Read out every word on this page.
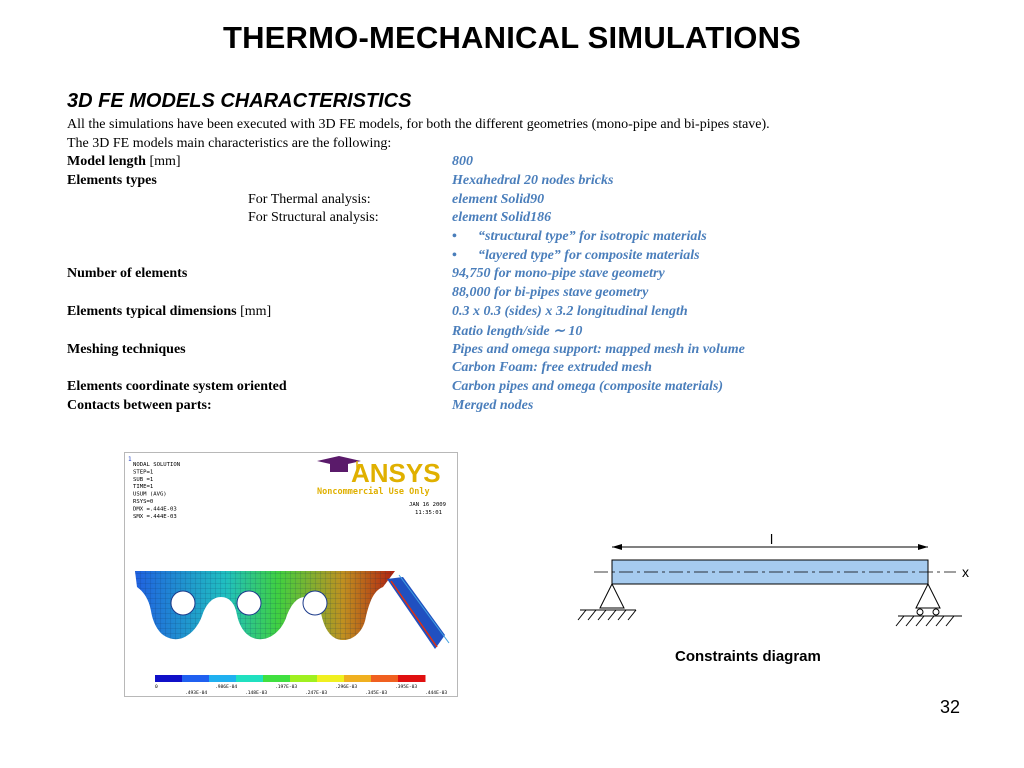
THERMO-MECHANICAL SIMULATIONS
3D FE MODELS CHARACTERISTICS
All the simulations have been executed with 3D FE models, for both the different geometries (mono-pipe and bi-pipes stave).
The 3D FE models main characteristics are the following:
Model length [mm]	800
Elements types	Hexahedral 20 nodes bricks
For Thermal analysis:	element Solid90
For Structural analysis:	element Solid186
• “structural type” for isotropic materials
• “layered type” for composite materials
Number of elements	94,750 for mono-pipe stave geometry
88,000 for bi-pipes stave geometry
Elements typical dimensions [mm]	0.3 x 0.3 (sides) x 3.2 longitudinal length
Ratio length/side ∼ 10
Meshing techniques	Pipes and omega support: mapped mesh in volume
Carbon Foam: free extruded mesh
Elements coordinate system oriented	Carbon pipes and omega (composite materials)
Contacts between parts:	Merged nodes
1
NODAL SOLUTION
STEP=1
SUB =1
TIME=1
USUM (AVG)
RSYS=0
DMX =.444E-03
SMX =.444E-03
ANSYS
Noncommercial Use Only
JAN 16 2009
11:35:01
0	.986E-04	.197E-03	.296E-03	.395E-03
.493E-04	.148E-03	.247E-03	.345E-03	.444E-03
l
x
Constraints diagram
32
